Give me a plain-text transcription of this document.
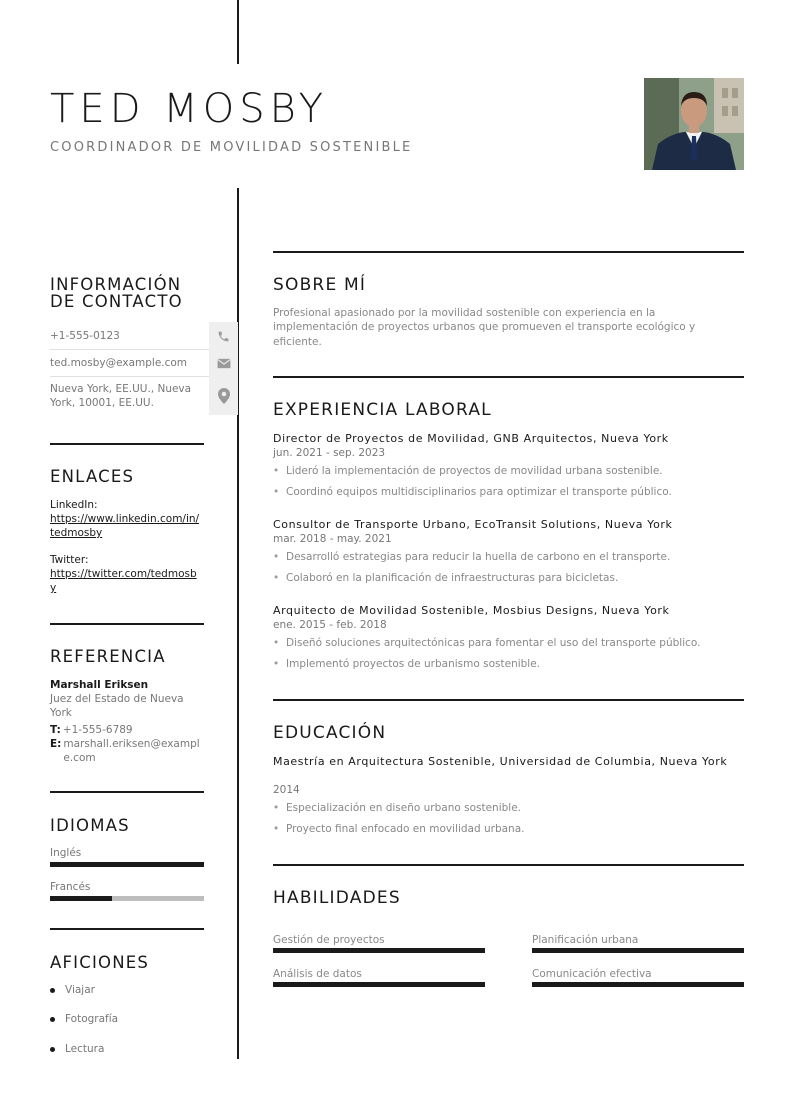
TED MOSBY
COORDINADOR DE MOVILIDAD SOSTENIBLE
INFORMACIÓN DE CONTACTO
+1-555-0123
ted.mosby@example.com
Nueva York, EE.UU., Nueva York, 10001, EE.UU.
ENLACES
LinkedIn:
https://www.linkedin.com/in/tedmosby
Twitter:
https://twitter.com/tedmosby
REFERENCIA
Marshall Eriksen
Juez del Estado de Nueva York
T: +1-555-6789
E: marshall.eriksen@example.com
IDIOMAS
Inglés
Francés
AFICIONES
Viajar
Fotografía
Lectura
SOBRE MÍ
Profesional apasionado por la movilidad sostenible con experiencia en la implementación de proyectos urbanos que promueven el transporte ecológico y eficiente.
EXPERIENCIA LABORAL
Director de Proyectos de Movilidad, GNB Arquitectos, Nueva York
jun. 2021 - sep. 2023
• Lideró la implementación de proyectos de movilidad urbana sostenible.
• Coordinó equipos multidisciplinarios para optimizar el transporte público.
Consultor de Transporte Urbano, EcoTransit Solutions, Nueva York
mar. 2018 - may. 2021
• Desarrolló estrategias para reducir la huella de carbono en el transporte.
• Colaboró en la planificación de infraestructuras para bicicletas.
Arquitecto de Movilidad Sostenible, Mosbius Designs, Nueva York
ene. 2015 - feb. 2018
• Diseñó soluciones arquitectónicas para fomentar el uso del transporte público.
• Implementó proyectos de urbanismo sostenible.
EDUCACIÓN
Maestría en Arquitectura Sostenible, Universidad de Columbia, Nueva York
2014
• Especialización en diseño urbano sostenible.
• Proyecto final enfocado en movilidad urbana.
HABILIDADES
Gestión de proyectos	Planificación urbana
Análisis de datos	Comunicación efectiva
